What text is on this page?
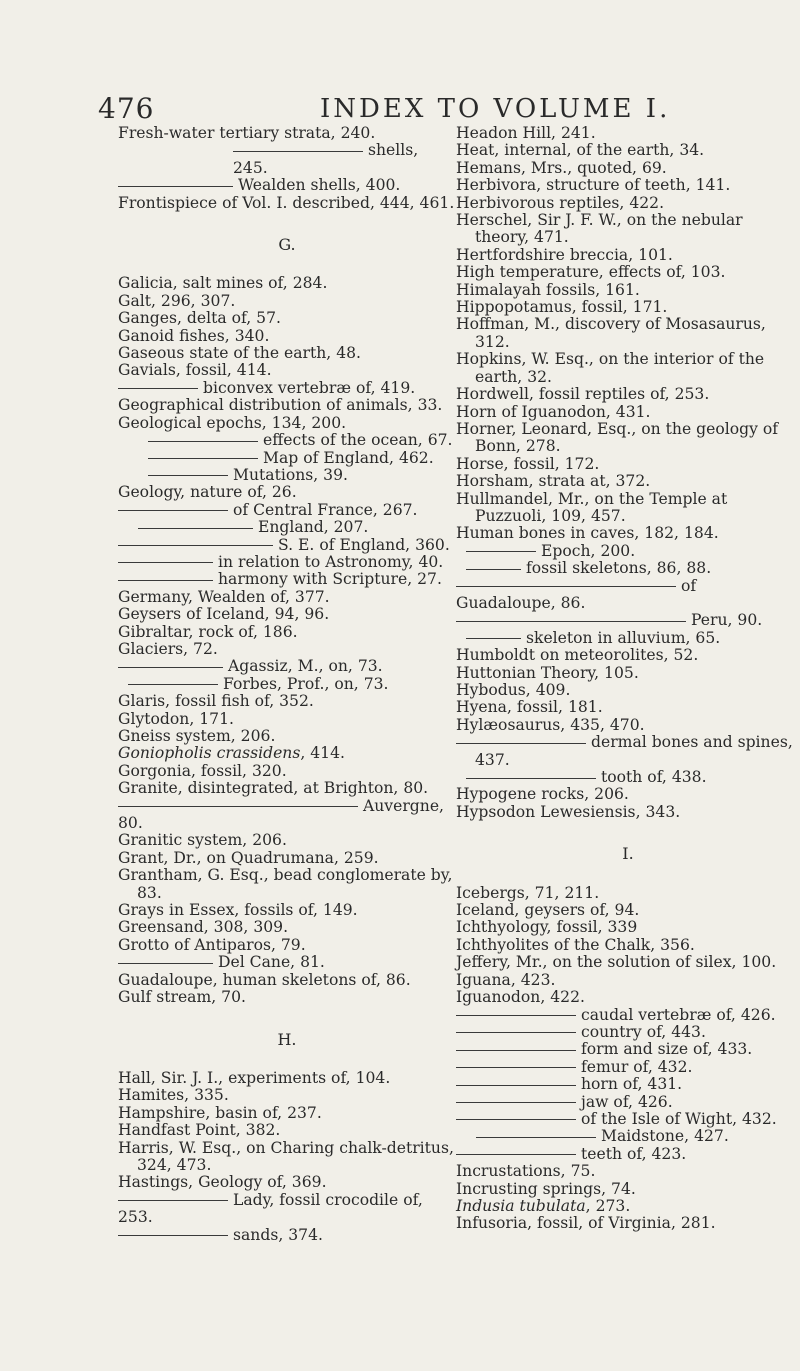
476	INDEX TO VOLUME I.
Fresh-water tertiary strata, 240.
shells, 245.
Wealden shells, 400.
Frontispiece of Vol. I. described, 444, 461.
G.
Galicia, salt mines of, 284.
Galt, 296, 307.
Ganges, delta of, 57.
Ganoid fishes, 340.
Gaseous state of the earth, 48.
Gavials, fossil, 414.
biconvex vertebræ of, 419.
Geographical distribution of animals, 33.
Geological epochs, 134, 200.
effects of the ocean, 67.
Map of England, 462.
Mutations, 39.
Geology, nature of, 26.
of Central France, 267.
England, 207.
S. E. of England, 360.
in relation to Astronomy, 40.
harmony with Scripture, 27.
Germany, Wealden of, 377.
Geysers of Iceland, 94, 96.
Gibraltar, rock of, 186.
Glaciers, 72.
Agassiz, M., on, 73.
Forbes, Prof., on, 73.
Glaris, fossil fish of, 352.
Glytodon, 171.
Gneiss system, 206.
Goniopholis crassidens, 414.
Gorgonia, fossil, 320.
Granite, disintegrated, at Brighton, 80.
Auvergne, 80.
Granitic system, 206.
Grant, Dr., on Quadrumana, 259.
Grantham, G. Esq., bead conglomerate by, 83.
Grays in Essex, fossils of, 149.
Greensand, 308, 309.
Grotto of Antiparos, 79.
Del Cane, 81.
Guadaloupe, human skeletons of, 86.
Gulf stream, 70.
H.
Hall, Sir. J. I., experiments of, 104.
Hamites, 335.
Hampshire, basin of, 237.
Handfast Point, 382.
Harris, W. Esq., on Charing chalk-detritus, 324, 473.
Hastings, Geology of, 369.
Lady, fossil crocodile of, 253.
sands, 374.
Headon Hill, 241.
Heat, internal, of the earth, 34.
Hemans, Mrs., quoted, 69.
Herbivora, structure of teeth, 141.
Herbivorous reptiles, 422.
Herschel, Sir J. F. W., on the nebular theory, 471.
Hertfordshire breccia, 101.
High temperature, effects of, 103.
Himalayah fossils, 161.
Hippopotamus, fossil, 171.
Hoffman, M., discovery of Mosasaurus, 312.
Hopkins, W. Esq., on the interior of the earth, 32.
Hordwell, fossil reptiles of, 253.
Horn of Iguanodon, 431.
Horner, Leonard, Esq., on the geology of Bonn, 278.
Horse, fossil, 172.
Horsham, strata at, 372.
Hullmandel, Mr., on the Temple at Puzzuoli, 109, 457.
Human bones in caves, 182, 184.
Epoch, 200.
fossil skeletons, 86, 88.
of Guadaloupe, 86.
Peru, 90.
skeleton in alluvium, 65.
Humboldt on meteorolites, 52.
Huttonian Theory, 105.
Hybodus, 409.
Hyena, fossil, 181.
Hylæosaurus, 435, 470.
dermal bones and spines, 437.
tooth of, 438.
Hypogene rocks, 206.
Hypsodon Lewesiensis, 343.
I.
Icebergs, 71, 211.
Iceland, geysers of, 94.
Ichthyology, fossil, 339
Ichthyolites of the Chalk, 356.
Jeffery, Mr., on the solution of silex, 100.
Iguana, 423.
Iguanodon, 422.
caudal vertebræ of, 426.
country of, 443.
form and size of, 433.
femur of, 432.
horn of, 431.
jaw of, 426.
of the Isle of Wight, 432.
Maidstone, 427.
teeth of, 423.
Incrustations, 75.
Incrusting springs, 74.
Indusia tubulata, 273.
Infusoria, fossil, of Virginia, 281.
